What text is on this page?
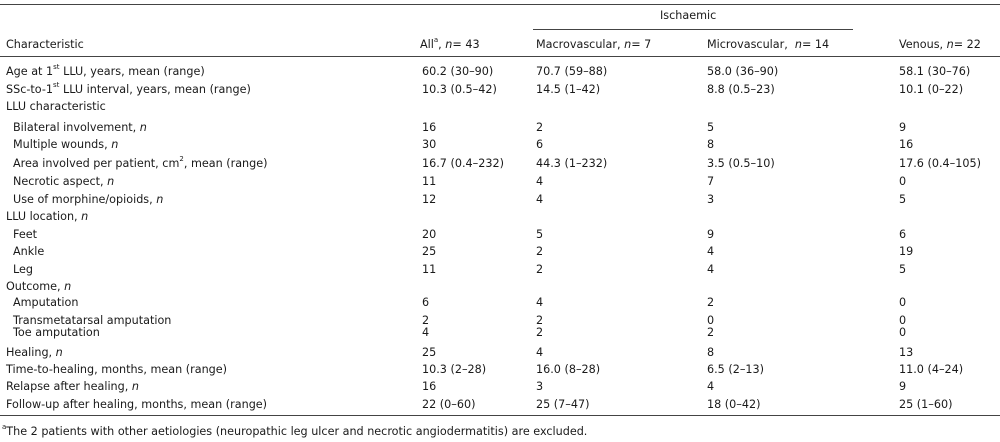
Ischaemic
Characteristic	All$^a$, n= 43	Macrovascular, n= 7	Microvascular,  n= 14	Venous, n= 22
Age at 1st LLU, years, mean (range)	60.2 (30–90)	70.7 (59–88)	58.0 (36–90)	58.1 (30–76)
SSc-to-1st LLU interval, years, mean (range)	10.3 (0.5–42)	14.5 (1–42)	8.8 (0.5–23)	10.1 (0–22)
LLU characteristic
Bilateral involvement, n	16	2	5	9
Multiple wounds, n	30	6	8	16
Area involved per patient, $cm^2$, mean (range)	16.7 (0.4–232)	44.3 (1–232)	3.5 (0.5–10)	17.6 (0.4–105)
Necrotic aspect, n	11	4	7	0
Use of morphine/opioids, n	12	4	3	5
LLU location, n
Feet	20	5	9	6
Ankle	25	2	4	19
Leg	11	2	4	5
Outcome, n
Amputation	6	4	2	0
Transmetatarsal amputation	2	2	0	0
Toe amputation	4	2	2	0
Healing, n	25	4	8	13
Time-to-healing, months, mean (range)	10.3 (2–28)	16.0 (8–28)	6.5 (2–13)	11.0 (4–24)
Relapse after healing, n	16	3	4	9
Follow-up after healing, months, mean (range)	22 (0–60)	25 (7–47)	18 (0–42)	25 (1–60)
$^a$The 2 patients with other aetiologies (neuropathic leg ulcer and necrotic angiodermatitis) are excluded.
